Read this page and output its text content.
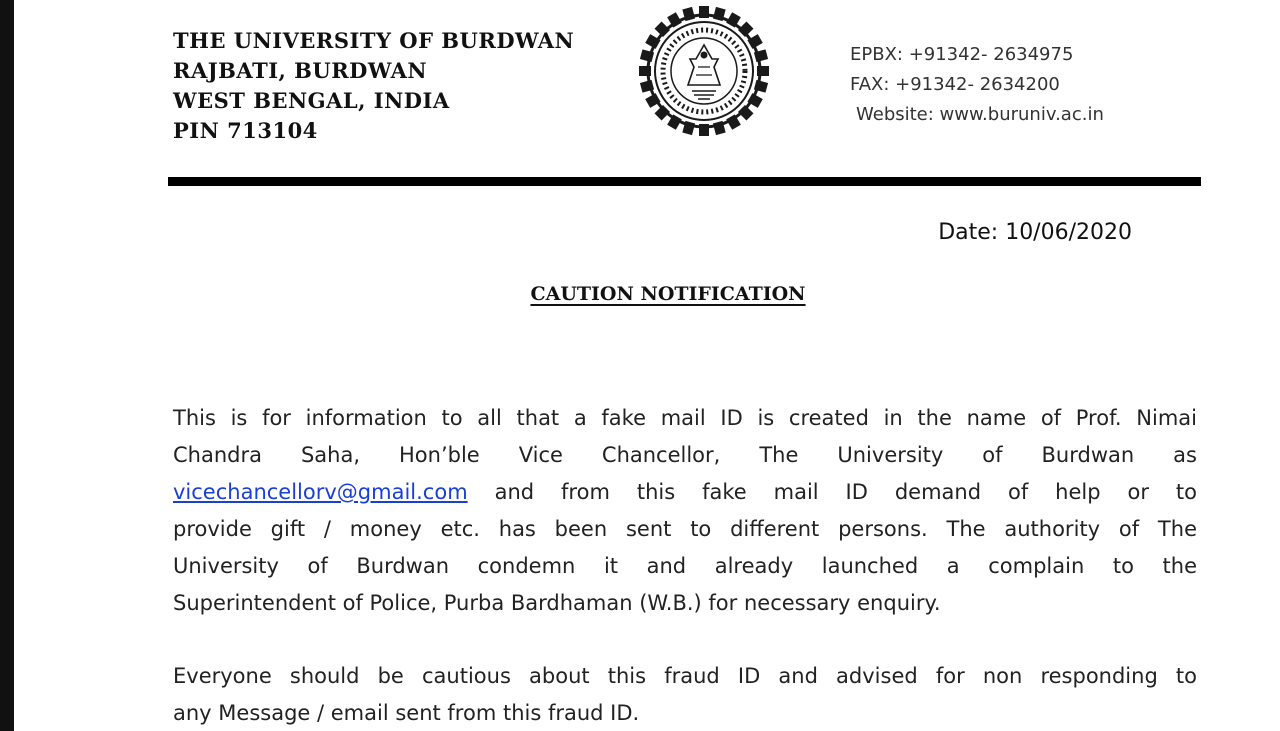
THE UNIVERSITY OF BURDWAN
RAJBATI, BURDWAN
WEST BENGAL, INDIA
PIN 713104
EPBX: +91342- 2634975
FAX: +91342- 2634200
Website: www.buruniv.ac.in
Date: 10/06/2020
CAUTION NOTIFICATION
This is for information to all that a fake mail ID is created in the name of Prof. Nimai
Chandra Saha, Hon’ble Vice Chancellor, The University of Burdwan as
vicechancellorv@gmail.com and from this fake mail ID demand of help or to
provide gift / money etc. has been sent to different persons. The authority of The
University of Burdwan condemn it and already launched a complain to the
Superintendent of Police, Purba Bardhaman (W.B.) for necessary enquiry.
Everyone should be cautious about this fraud ID and advised for non responding to
any Message / email sent from this fraud ID.
